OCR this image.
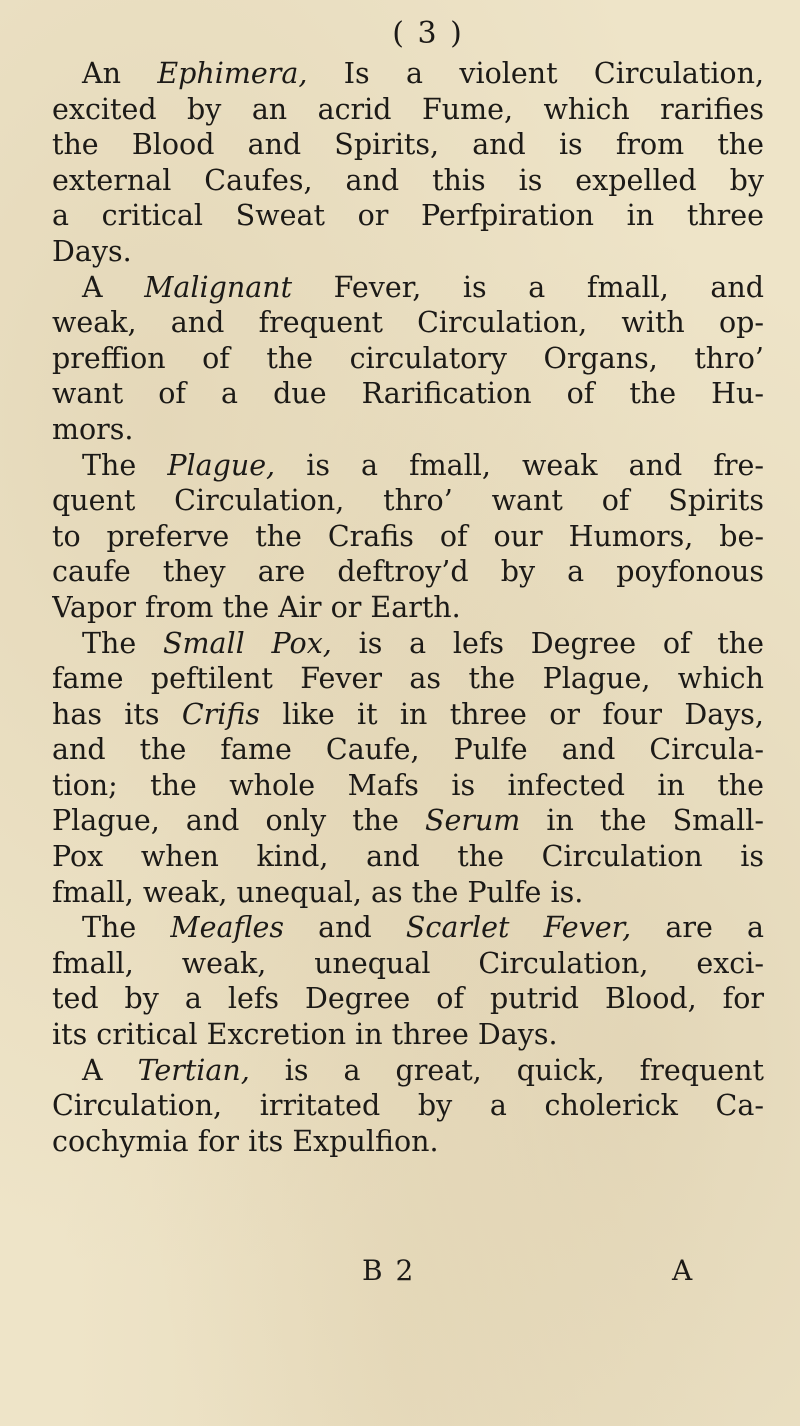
( 3 )
An Ephimera, Is a violent Circulation,
excited by an acrid Fume, which rarifies
the Blood and Spirits, and is from the
external Caufes, and this is expelled by
a critical Sweat or Perfpiration in three
Days.
A Malignant Fever, is a fmall, and
weak, and frequent Circulation, with op-
preffion of the circulatory Organs, thro’
want of a due Rarification of the Hu-
mors.
The Plague, is a fmall, weak and fre-
quent Circulation, thro’ want of Spirits
to preferve the Crafis of our Humors, be-
caufe they are deftroy’d by a poyfonous
Vapor from the Air or Earth.
The Small Pox, is a lefs Degree of the
fame peftilent Fever as the Plague, which
has its Crifis like it in three or four Days,
and the fame Caufe, Pulfe and Circula-
tion; the whole Mafs is infected in the
Plague, and only the Serum in the Small-
Pox when kind, and the Circulation is
fmall, weak, unequal, as the Pulfe is.
The Meafles and Scarlet Fever, are a
fmall, weak, unequal Circulation, exci-
ted by a lefs Degree of putrid Blood, for
its critical Excretion in three Days.
A Tertian, is a great, quick, frequent
Circulation, irritated by a cholerick Ca-
cochymia for its Expulfion.
B 2	A
